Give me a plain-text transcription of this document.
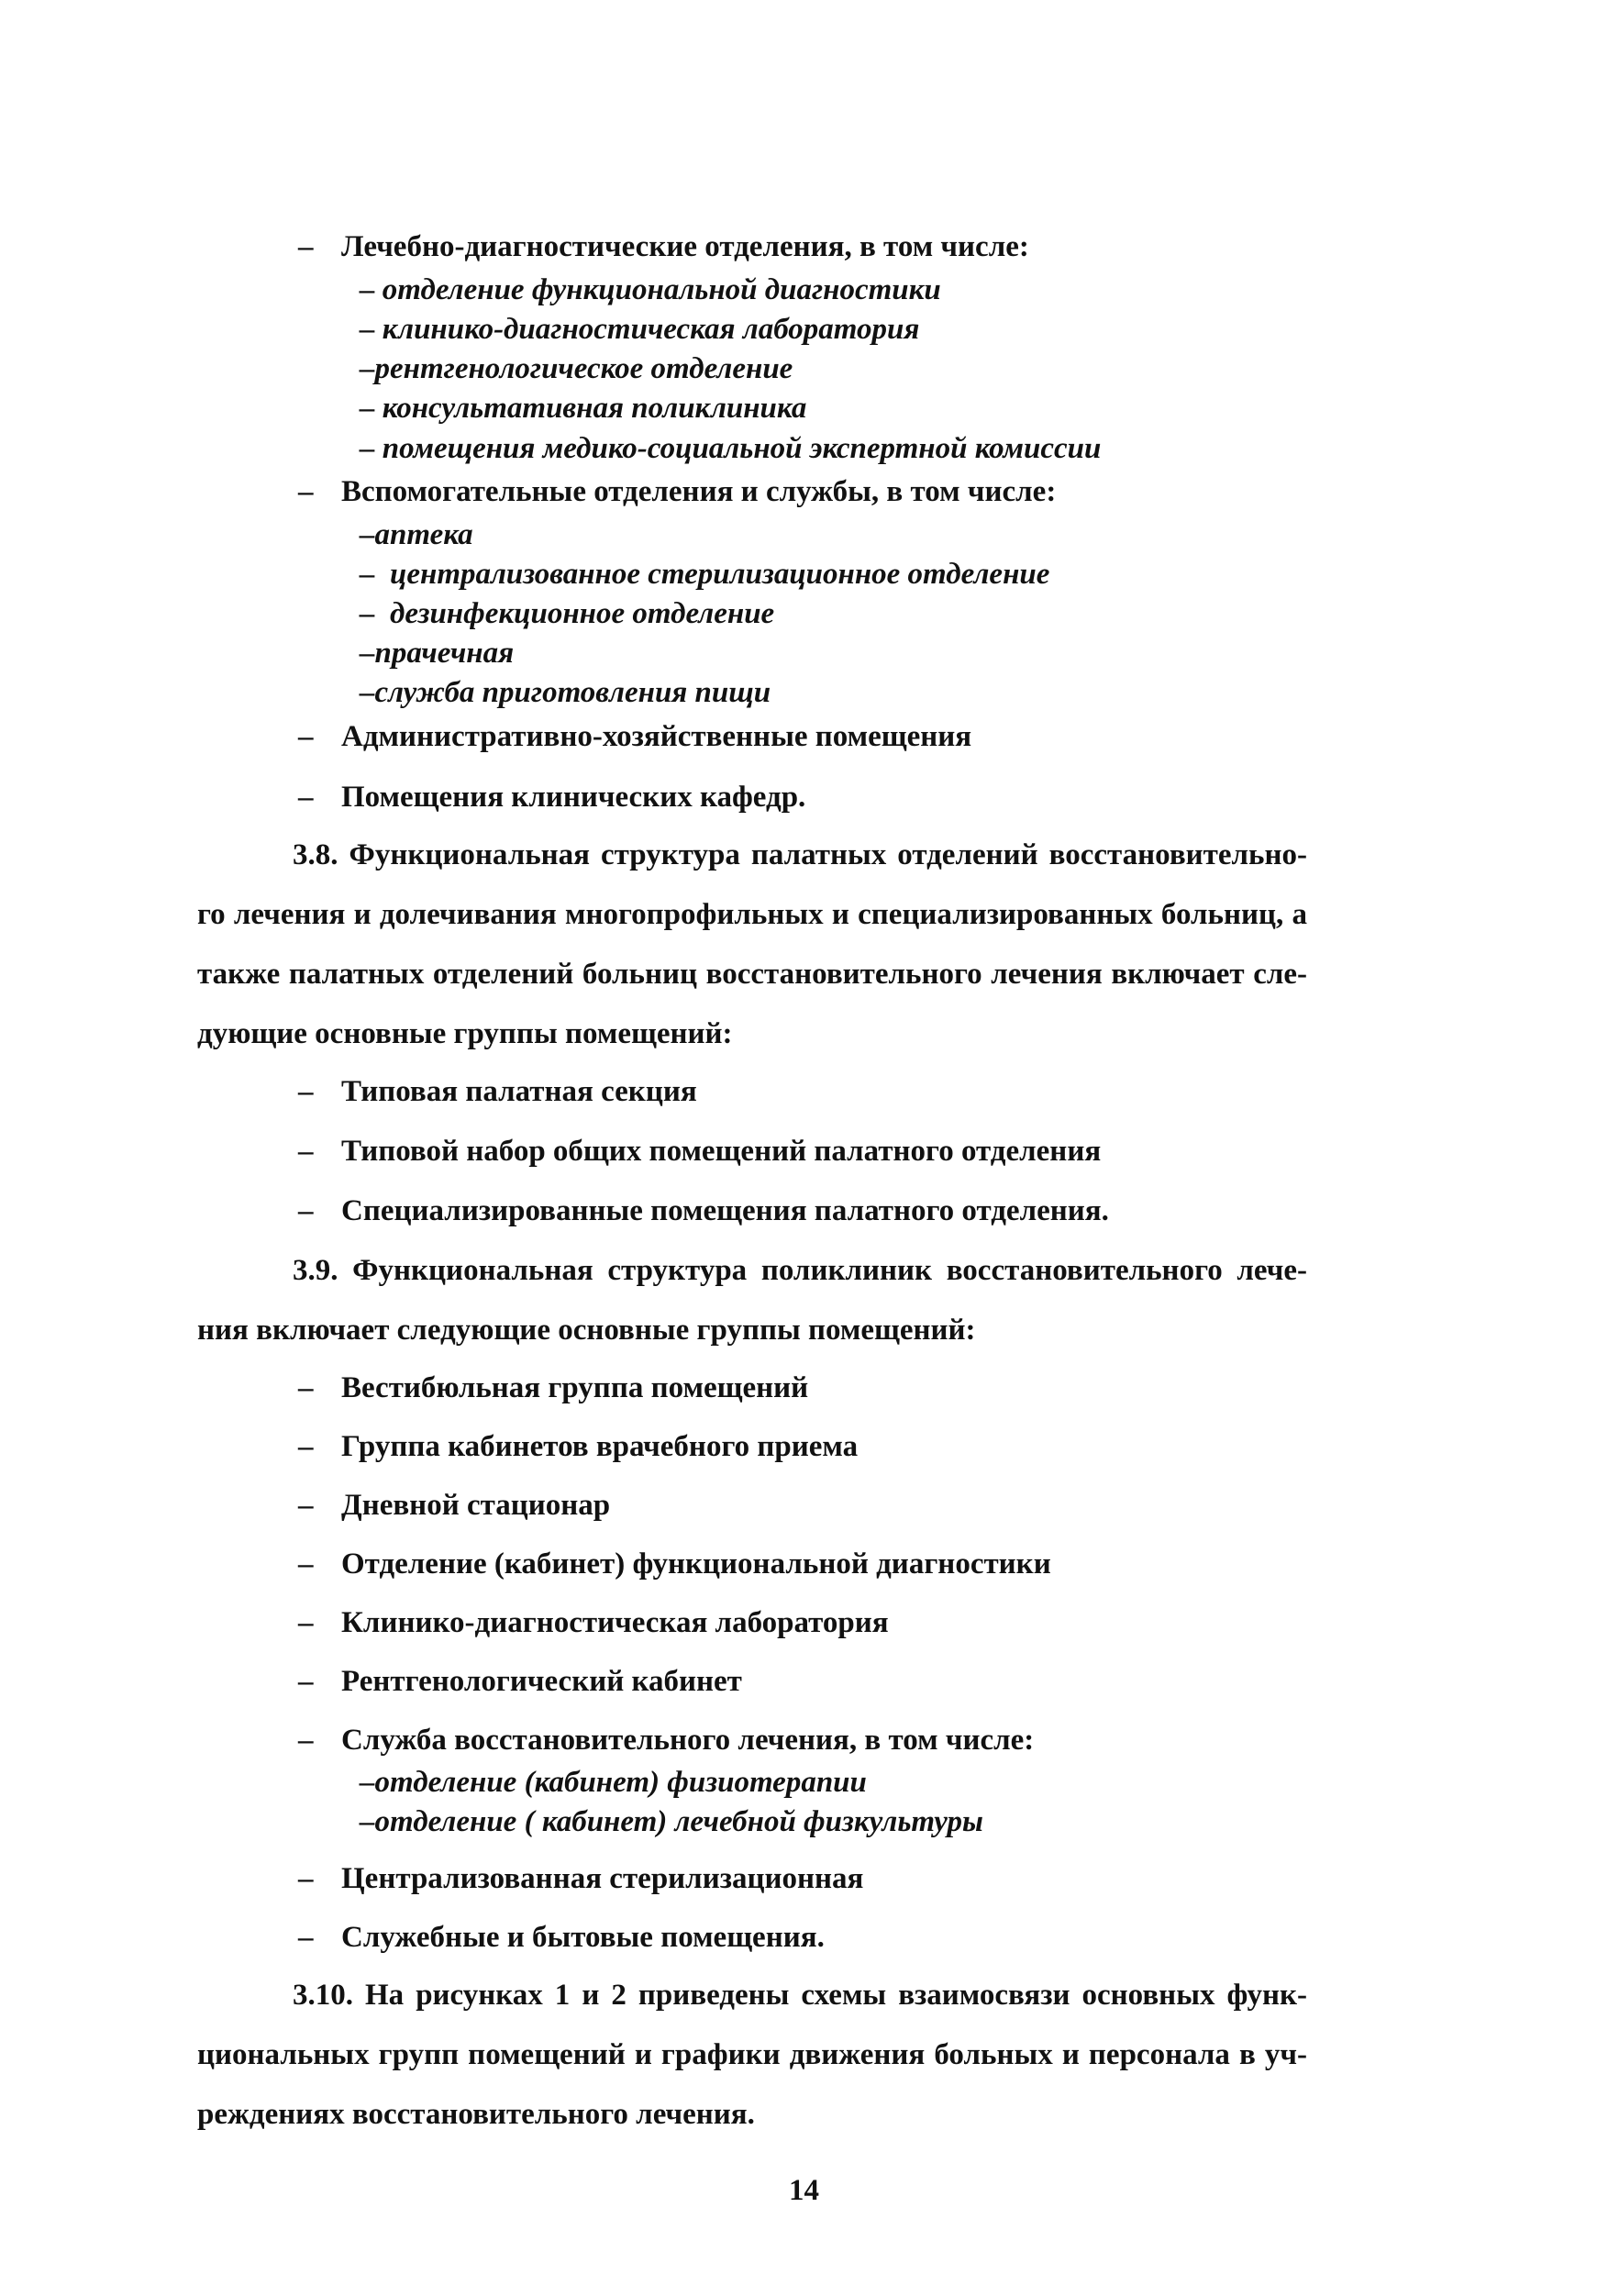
– Лечебно-диагностические отделения, в том числе:
– отделение функциональной диагностики
– клинико-диагностическая лаборатория
–рентгенологическое отделение
– консультативная поликлиника
– помещения медико-социальной экспертной комиссии
– Вспомогательные отделения и службы, в том числе:
–аптека
–  централизованное стерилизационное отделение
–  дезинфекционное отделение
–прачечная
–служба приготовления пищи
– Административно-хозяйственные помещения
– Помещения клинических кафедр.
3.8. Функциональная структура палатных отделений восстановительно-
го лечения и долечивания многопрофильных и специализированных больниц, а
также палатных отделений больниц восстановительного лечения включает сле-
дующие основные группы помещений:
– Типовая палатная секция
– Типовой набор общих помещений палатного отделения
– Специализированные помещения палатного отделения.
3.9. Функциональная структура поликлиник восстановительного лече-
ния включает следующие основные группы помещений:
– Вестибюльная группа помещений
– Группа кабинетов врачебного приема
– Дневной стационар
– Отделение (кабинет) функциональной диагностики
– Клинико-диагностическая лаборатория
– Рентгенологический кабинет
– Служба восстановительного лечения, в том числе:
–отделение (кабинет) физиотерапии
–отделение ( кабинет) лечебной физкультуры
– Централизованная стерилизационная
– Служебные и бытовые помещения.
3.10. На рисунках 1 и 2 приведены схемы взаимосвязи основных функ-
циональных групп помещений и графики движения больных и персонала в уч-
реждениях восстановительного лечения.
14
